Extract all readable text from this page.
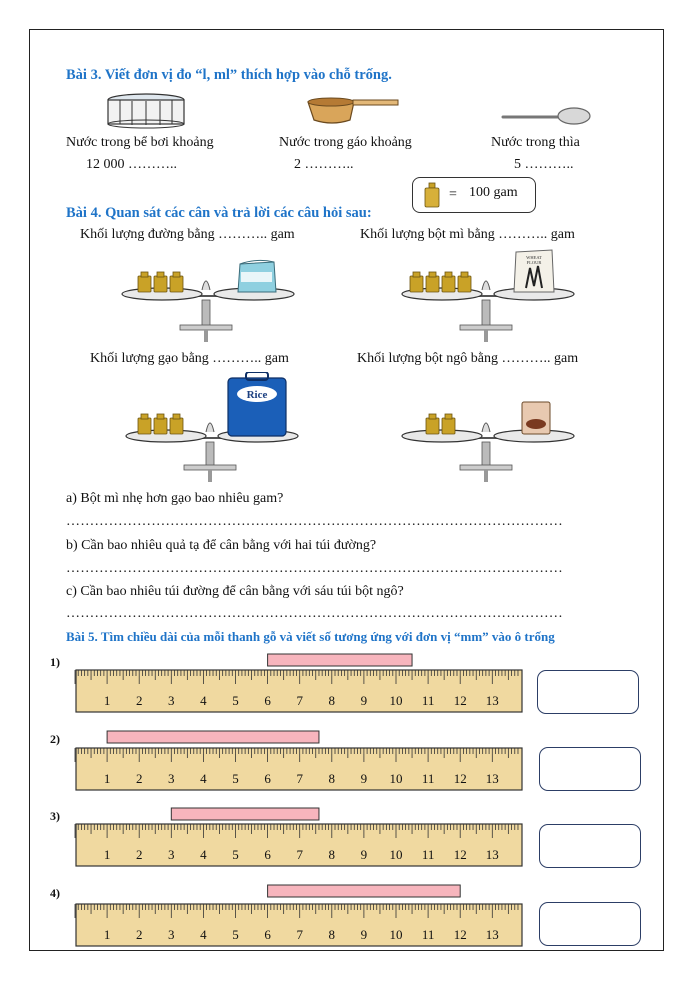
Bài 3. Viết đơn vị đo “l, ml” thích hợp vào chỗ trống.
Nước trong bể bơi khoảng
12 000 ………..
Nước trong gáo khoảng
2 ………..
Nước trong thìa
5 ………..
Bài 4. Quan sát các cân và trả lời các câu hỏi sau:
= 100 gam
Khối lượng đường bằng ……….. gam	Khối lượng bột mì bằng ……….. gam
Khối lượng gạo bằng ……….. gam	Khối lượng bột ngô bằng ……….. gam
WHEAT
FLOUR
Rice
a) Bột mì nhẹ hơn gạo bao nhiêu gam?
……………………………………………………………………………………………
b) Cần bao nhiêu quả tạ để cân bằng với hai túi đường?
……………………………………………………………………………………………
c) Cần bao nhiêu túi đường để cân bằng với sáu túi bột ngô?
……………………………………………………………………………………………
Bài 5. Tìm chiều dài của mỗi thanh gỗ và viết số tương ứng với đơn vị “mm” vào ô trống
1)
2)
3)
4)
1 2 3 4 5 6 7 8 9 10 11 12 13
1 2 3 4 5 6 7 8 9 10 11 12 13
1 2 3 4 5 6 7 8 9 10 11 12 13
1 2 3 4 5 6 7 8 9 10 11 12 13
